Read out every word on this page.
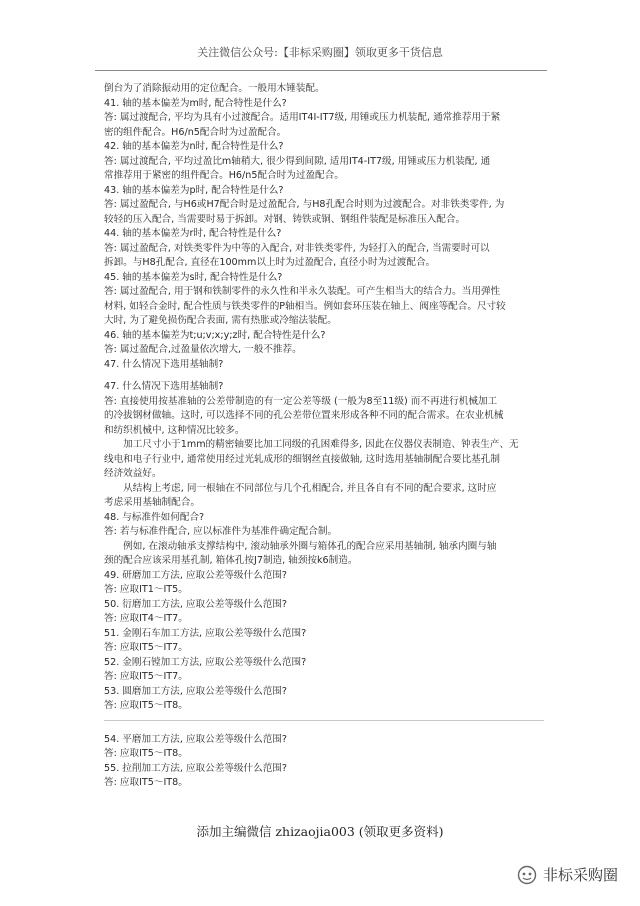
关注微信公众号:【非标采购圈】领取更多干货信息
倒台为了消除振动用的定位配合。一般用木锤装配。
41. 轴的基本偏差为m时, 配合特性是什么?
答: 属过渡配合, 平均为具有小过渡配合。适用IT4I-IT7级, 用锤或压力机装配, 通常推荐用于紧
密的组件配合。H6/n5配合时为过盈配合。
42. 轴的基本偏差为n时, 配合特性是什么?
答: 属过渡配合, 平均过盈比m轴稍大, 很少得到间隙, 适用IT4-IT7级, 用锤或压力机装配, 通
常推荐用于紧密的组件配合。H6/n5配合时为过盈配合。
43. 轴的基本偏差为p时, 配合特性是什么?
答: 属过盈配合, 与H6或H7配合时是过盈配合, 与H8孔配合时则为过渡配合。对非铁类零件, 为
较轻的压入配合, 当需要时易于拆卸。对钢、铸铁或铜、钢组件装配是标准压入配合。
44. 轴的基本偏差为r时, 配合特性是什么?
答: 属过盈配合, 对铁类零件为中等的入配合, 对非铁类零件, 为轻打入的配合, 当需要时可以
拆卸。与H8孔配合, 直径在100mm以上时为过盈配合, 直径小时为过渡配合。
45. 轴的基本偏差为s时, 配合特性是什么?
答: 属过盈配合, 用于钢和铁制零件的永久性和半永久装配。可产生相当大的结合力。当用弹性
材料, 如轻合金时, 配合性质与铁类零件的P轴相当。例如套环压装在轴上、阀座等配合。尺寸较
大时, 为了避免损伤配合表面, 需有热胀或冷缩法装配。
46. 轴的基本偏差为t;u;v;x;y;z时, 配合特性是什么?
答: 属过盈配合,过盈量依次增大, 一般不推荐。
47. 什么情况下选用基轴制?
47. 什么情况下选用基轴制?
答: 直接使用按基准轴的公差带制造的有一定公差等级 (一般为8至11级) 而不再进行机械加工
的冷拔钢材做轴。这时, 可以选择不同的孔公差带位置来形成各种不同的配合需求。在农业机械
和纺织机械中, 这种情况比较多。
　　加工尺寸小于1mm的精密轴要比加工同级的孔困难得多, 因此在仪器仪表制造、钟表生产、无
线电和电子行业中, 通常使用经过光轧成形的细钢丝直接做轴, 这时选用基轴制配合要比基孔制
经济效益好。
　　从结构上考虑, 同一根轴在不同部位与几个孔相配合, 并且各自有不同的配合要求, 这时应
考虑采用基轴制配合。
48. 与标准件如何配合?
答: 若与标准件配合, 应以标准件为基准件确定配合制。
　　例如, 在滚动轴承支撑结构中, 滚动轴承外圈与箱体孔的配合应采用基轴制, 轴承内圈与轴
颈的配合应该采用基孔制, 箱体孔按J7制造, 轴颈按k6制造。
49. 研磨加工方法, 应取公差等级什么范围?
答: 应取IT1～IT5。
50. 衍磨加工方法, 应取公差等级什么范围?
答: 应取IT4～IT7。
51. 金刚石车加工方法, 应取公差等级什么范围?
答: 应取IT5～IT7。
52. 金刚石镗加工方法, 应取公差等级什么范围?
答: 应取IT5～IT7。
53. 圆磨加工方法, 应取公差等级什么范围?
答: 应取IT5～IT8。
54. 平磨加工方法, 应取公差等级什么范围?
答: 应取IT5～IT8。
55. 拉削加工方法, 应取公差等级什么范围?
答: 应取IT5～IT8。
添加主编微信 zhizaojia003 (领取更多资料)
非标采购圈
